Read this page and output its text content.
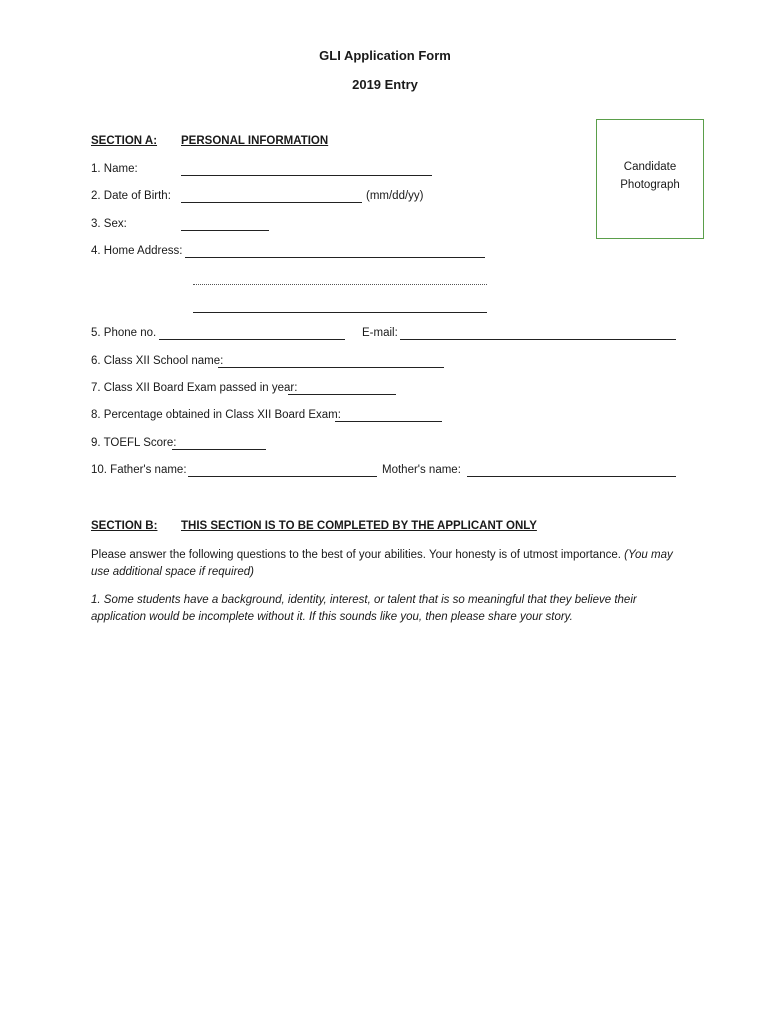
GLI Application Form
2019 Entry
Candidate
Photograph
SECTION A: PERSONAL INFORMATION
1. Name:
2. Date of Birth:	(mm/dd/yy)
3. Sex:
4. Home Address:
5. Phone no.	E-mail:
6. Class XII School name:
7. Class XII Board Exam passed in year:
8. Percentage obtained in Class XII Board Exam:
9. TOEFL Score:
10. Father's name:	Mother's name:
SECTION B: THIS SECTION IS TO BE COMPLETED BY THE APPLICANT ONLY
Please answer the following questions to the best of your abilities. Your honesty is of utmost importance. (You may use additional space if required)
1. Some students have a background, identity, interest, or talent that is so meaningful that they believe their application would be incomplete without it. If this sounds like you, then please share your story.
